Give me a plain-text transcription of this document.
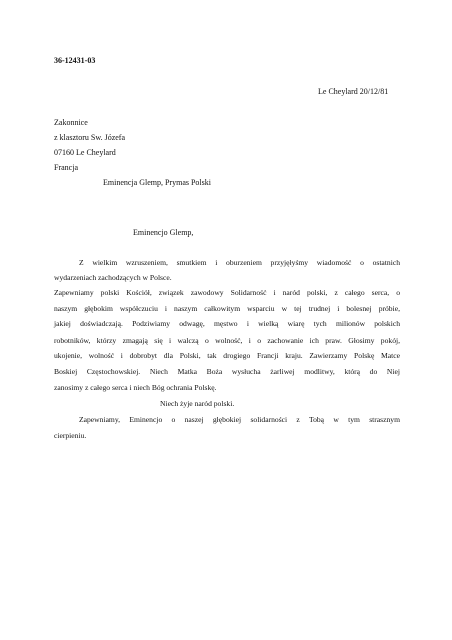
36-12431-03
Le Cheylard 20/12/81
Zakonnice
z klasztoru Sw. Józefa
07160 Le Cheylard
Francja
Eminencja Glemp, Prymas Polski
Eminencjo Glemp,
Z wielkim wzruszeniem, smutkiem i oburzeniem przyjęłyśmy wiadomość o ostatnich
wydarzeniach zachodzących w Polsce.
Zapewniamy polski Kościół, związek zawodowy Solidarność i naród polski, z całego serca, o
naszym głębokim współczuciu i naszym całkowitym wsparciu w tej trudnej i bolesnej próbie,
jakiej doświadczają. Podziwiamy odwagę, męstwo i wielką wiarę tych milionów polskich
robotników, którzy zmagają się i walczą o wolność, i o zachowanie ich praw. Głosimy pokój,
ukojenie, wolność i dobrobyt dla Polski, tak drogiego Francji kraju. Zawierzamy Polskę Matce
Boskiej Częstochowskiej. Niech Matka Boża wysłucha żarliwej modlitwy, którą do Niej
zanosimy z całego serca i niech Bóg ochrania Polskę.
Niech żyje naród polski.
Zapewniamy, Eminencjo o naszej głębokiej solidarności z Tobą w tym strasznym
cierpieniu.
